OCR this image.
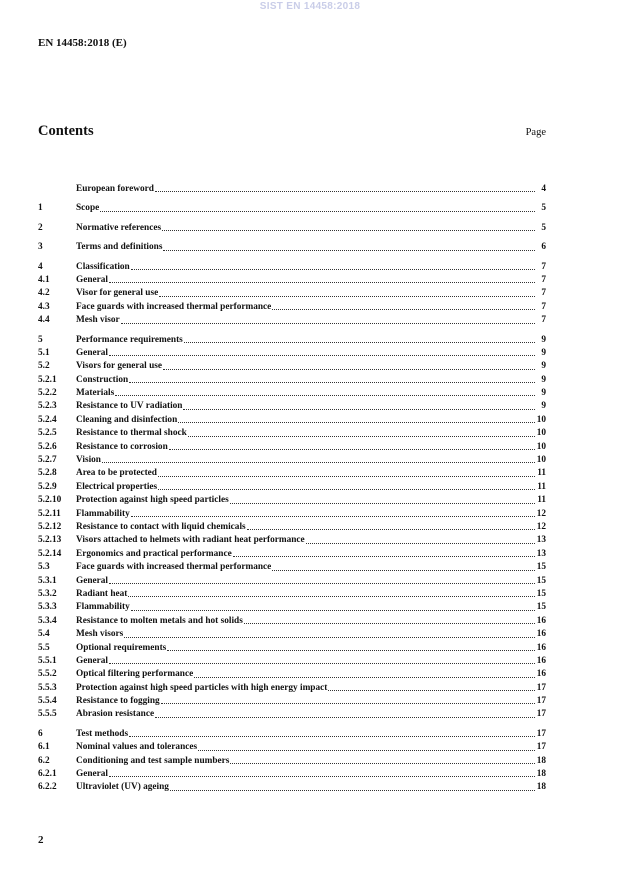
SIST EN 14458:2018
EN 14458:2018 (E)
Contents	Page
European foreword	4
1	Scope	5
2	Normative references	5
3	Terms and definitions	6
4	Classification	7
4.1	General	7
4.2	Visor for general use	7
4.3	Face guards with increased thermal performance	7
4.4	Mesh visor	7
5	Performance requirements	9
5.1	General	9
5.2	Visors for general use	9
5.2.1	Construction	9
5.2.2	Materials	9
5.2.3	Resistance to UV radiation	9
5.2.4	Cleaning and disinfection	10
5.2.5	Resistance to thermal shock	10
5.2.6	Resistance to corrosion	10
5.2.7	Vision	10
5.2.8	Area to be protected	11
5.2.9	Electrical properties	11
5.2.10	Protection against high speed particles	11
5.2.11	Flammability	12
5.2.12	Resistance to contact with liquid chemicals	12
5.2.13	Visors attached to helmets with radiant heat performance	13
5.2.14	Ergonomics and practical performance	13
5.3	Face guards with increased thermal performance	15
5.3.1	General	15
5.3.2	Radiant heat	15
5.3.3	Flammability	15
5.3.4	Resistance to molten metals and hot solids	16
5.4	Mesh visors	16
5.5	Optional requirements	16
5.5.1	General	16
5.5.2	Optical filtering performance	16
5.5.3	Protection against high speed particles with high energy impact	17
5.5.4	Resistance to fogging	17
5.5.5	Abrasion resistance	17
6	Test methods	17
6.1	Nominal values and tolerances	17
6.2	Conditioning and test sample numbers	18
6.2.1	General	18
6.2.2	Ultraviolet (UV) ageing	18
2
